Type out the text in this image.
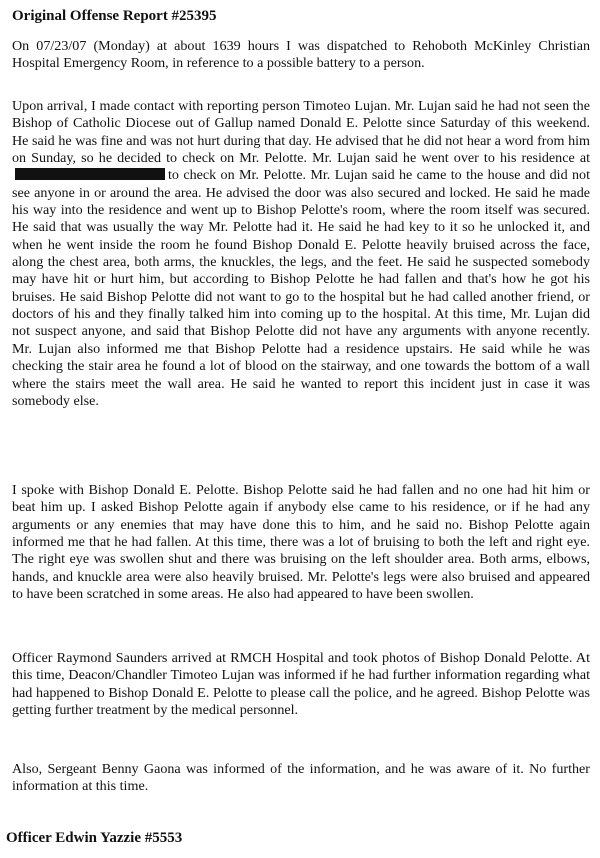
Original Offense Report #25395
On 07/23/07 (Monday) at about 1639 hours I was dispatched to Rehoboth McKinley Christian Hospital Emergency Room, in reference to a possible battery to a person.
Upon arrival, I made contact with reporting person Timoteo Lujan. Mr. Lujan said he had not seen the Bishop of Catholic Diocese out of Gallup named Donald E. Pelotte since Saturday of this weekend. He said he was fine and was not hurt during that day. He advised that he did not hear a word from him on Sunday, so he decided to check on Mr. Pelotte. Mr. Lujan said he went over to his residence atto check on Mr. Pelotte. Mr. Lujan said he came to the house and did not see anyone in or around the area. He advised the door was also secured and locked. He said he made his way into the residence and went up to Bishop Pelotte's room, where the room itself was secured. He said that was usually the way Mr. Pelotte had it. He said he had key to it so he unlocked it, and when he went inside the room he found Bishop Donald E. Pelotte heavily bruised across the face, along the chest area, both arms, the knuckles, the legs, and the feet. He said he suspected somebody may have hit or hurt him, but according to Bishop Pelotte he had fallen and that's how he got his bruises. He said Bishop Pelotte did not want to go to the hospital but he had called another friend, or doctors of his and they finally talked him into coming up to the hospital. At this time, Mr. Lujan did not suspect anyone, and said that Bishop Pelotte did not have any arguments with anyone recently. Mr. Lujan also informed me that Bishop Pelotte had a residence upstairs. He said while he was checking the stair area he found a lot of blood on the stairway, and one towards the bottom of a wall where the stairs meet the wall area. He said he wanted to report this incident just in case it was somebody else.
I spoke with Bishop Donald E. Pelotte. Bishop Pelotte said he had fallen and no one had hit him or beat him up. I asked Bishop Pelotte again if anybody else came to his residence, or if he had any arguments or any enemies that may have done this to him, and he said no. Bishop Pelotte again informed me that he had fallen. At this time, there was a lot of bruising to both the left and right eye. The right eye was swollen shut and there was bruising on the left shoulder area. Both arms, elbows, hands, and knuckle area were also heavily bruised. Mr. Pelotte's legs were also bruised and appeared to have been scratched in some areas. He also had appeared to have been swollen.
Officer Raymond Saunders arrived at RMCH Hospital and took photos of Bishop Donald Pelotte. At this time, Deacon/Chandler Timoteo Lujan was informed if he had further information regarding what had happened to Bishop Donald E. Pelotte to please call the police, and he agreed. Bishop Pelotte was getting further treatment by the medical personnel.
Also, Sergeant Benny Gaona was informed of the information, and he was aware of it. No further information at this time.
Officer Edwin Yazzie #5553
